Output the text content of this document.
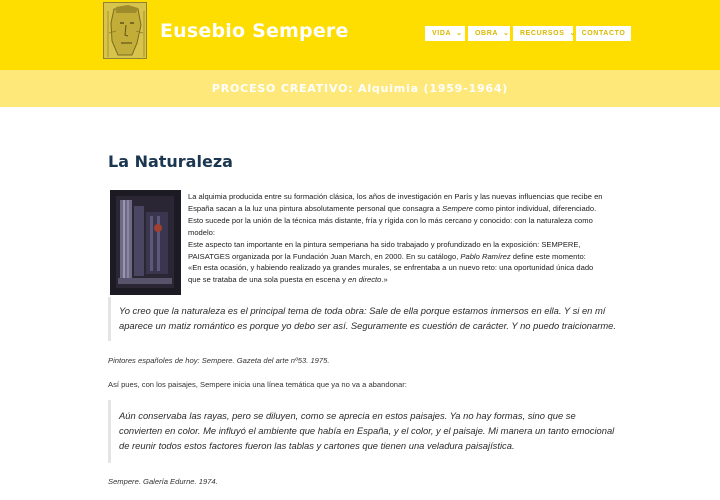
Eusebio Sempere	VIDA ⌄ OBRA ⌄ RECURSOS ⌄ CONTACTO
PROCESO CREATIVO: Alquimia (1959-1964)
La Naturaleza

La alquimia producida entre su formación clásica, los años de investigación en París y las nuevas influencias que recibe en España sacan a la luz una pintura absolutamente personal que consagra a Sempere como pintor individual, diferenciado. Esto sucede por la unión de la técnica más distante, fría y rígida con lo más cercano y conocido: con la naturaleza como modelo:

Este aspecto tan importante en la pintura semperiana ha sido trabajado y profundizado en la exposición: SEMPERE, PAISATGES organizada por la Fundación Juan March, en 2000. En su catálogo, Pablo Ramírez define este momento:

«En esta ocasión, y habiendo realizado ya grandes murales, se enfrentaba a un nuevo reto: una oportunidad única dado que se trataba de una sola puesta en escena y en directo.»

Yo creo que la naturaleza es el principal tema de toda obra: Sale de ella porque estamos inmersos en ella. Y si en mí aparece un matiz romántico es porque yo debo ser así. Seguramente es cuestión de carácter. Y no puedo traicionarme.

Pintores españoles de hoy: Sempere. Gazeta del arte nº53. 1975.

Así pues, con los paisajes, Sempere inicia una línea temática que ya no va a abandonar:

Aún conservaba las rayas, pero se diluyen, como se aprecia en estos paisajes. Ya no hay formas, sino que se convierten en color. Me influyó el ambiente que había en España, y el color, y el paisaje. Mi manera un tanto emocional de reunir todos estos factores fueron las tablas y cartones que tienen una veladura paisajística.

Sempere. Galería Edurne. 1974.
